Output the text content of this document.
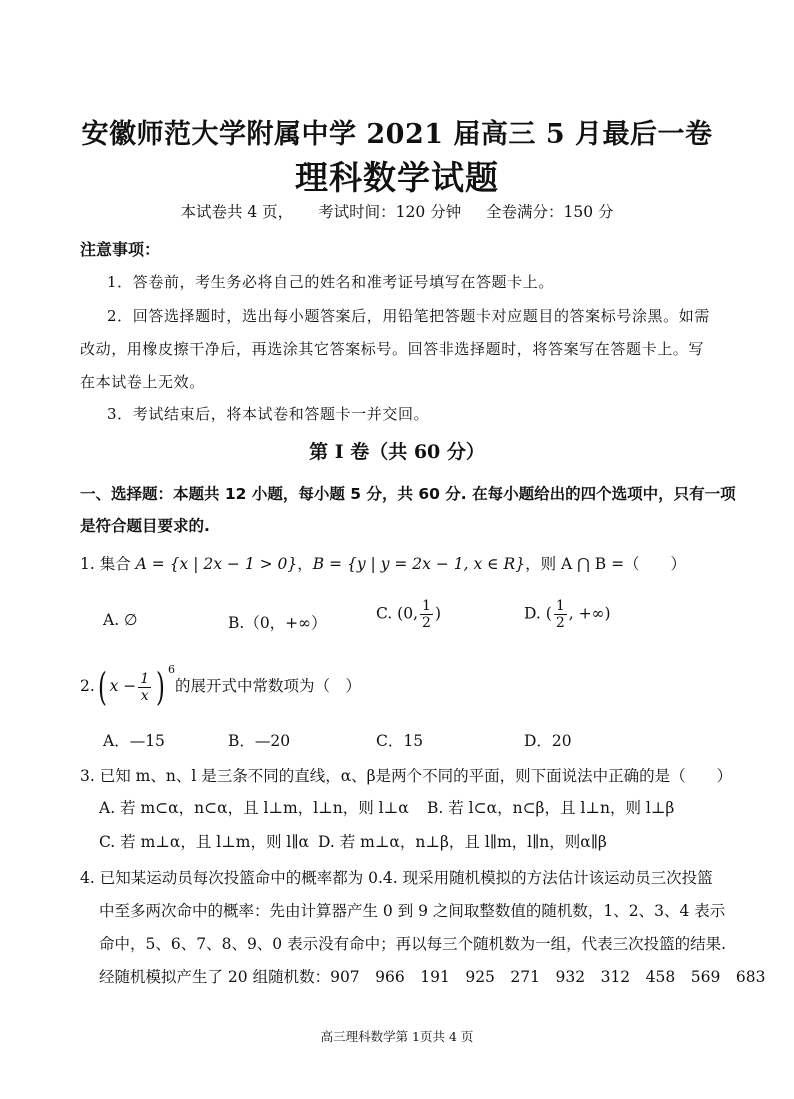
安徽师范大学附属中学 2021 届高三 5 月最后一卷
理科数学试题
本试卷共 4 页， 考试时间：120 分钟 全卷满分：150 分
注意事项：
1．答卷前，考生务必将自己的姓名和准考证号填写在答题卡上。
2．回答选择题时，选出每小题答案后，用铅笔把答题卡对应题目的答案标号涂黑。如需
改动，用橡皮擦干净后，再选涂其它答案标号。回答非选择题时，将答案写在答题卡上。写
在本试卷上无效。
3．考试结束后，将本试卷和答题卡一并交回。
第 I 卷（共 60 分）
一、选择题：本题共 12 小题，每小题 5 分，共 60 分. 在每小题给出的四个选项中，只有一项
是符合题目要求的.
1. 集合 A = {x | 2x − 1 > 0}，B = {y | y = 2x − 1, x ∈ R}，则 A ⋂ B =（　　）
A. ∅	B.（0，+∞）
C. (0, $\frac{1}{2}$ )	D. ( $\frac{1}{2}$ , +∞)
2.( $x - \frac{1}{x}$ ) $^6$的展开式中常数项为（　）
A．—15	B．—20	C．15	D．20
3. 已知 m、n、l 是三条不同的直线，α、β是两个不同的平面，则下面说法中正确的是（　　）
A. 若 m⊂α，n⊂α，且 l⊥m，l⊥n，则 l⊥α B. 若 l⊂α，n⊂β，且 l⊥n，则 l⊥β
C. 若 m⊥α，且 l⊥m，则 l∥α D. 若 m⊥α，n⊥β，且 l∥m，l∥n，则α∥β
4. 已知某运动员每次投篮命中的概率都为 0.4. 现采用随机模拟的方法估计该运动员三次投篮
中至多两次命中的概率：先由计算器产生 0 到 9 之间取整数值的随机数，1、2、3、4 表示
命中，5、6、7、8、9、0 表示没有命中；再以每三个随机数为一组，代表三次投篮的结果.
经随机模拟产生了 20 组随机数：907　966　191　925　271　932　312　458　569　683
高三理科数学第 1页共 4 页
